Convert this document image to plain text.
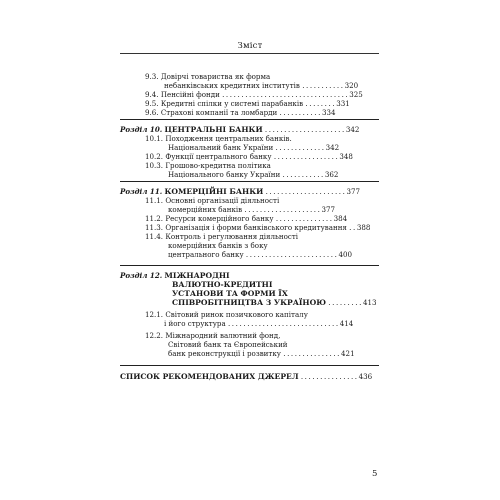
Зміст
9.3. Довірчі товариства як форма
небанківських кредитних інститутів ...........320
9.4. Пенсійні фонди .................................325
9.5. Кредитні спілки у системі парабанків ........331
9.6. Страхові компанії та ломбарди ...........334
Розділ 10. ЦЕНТРАЛЬНІ БАНКИ .....................342
10.1. Походження центральних банків.
Національний банк України .............342
10.2. Функції центрального банку .................348
10.3. Грошово-кредитна політика
Національного банку України ...........362
Розділ 11. КОМЕРЦІЙНІ БАНКИ .....................377
11.1. Основні організації діяльності
комерційних банків ....................377
11.2. Ресурси комерційного банку ...............384
11.3. Організація і форми банківського кредитування ..388
11.4. Контроль і регулювання діяльності
комерційних банків з боку
центрального банку ........................400
Розділ 12. МІЖНАРОДНІ
ВАЛЮТНО-КРЕДИТНІ
УСТАНОВИ ТА ФОРМИ ЇХ
СПІВРОБІТНИЦТВА З УКРАЇНОЮ .........413
12.1. Світовий ринок позичкового капіталу
і його структура .............................414
12.2. Міжнародний валютний фонд,
Світовий банк та Європейський
банк реконструкції і розвитку ...............421
СПИСОК РЕКОМЕНДОВАНИХ ДЖЕРЕЛ ...............436
5
